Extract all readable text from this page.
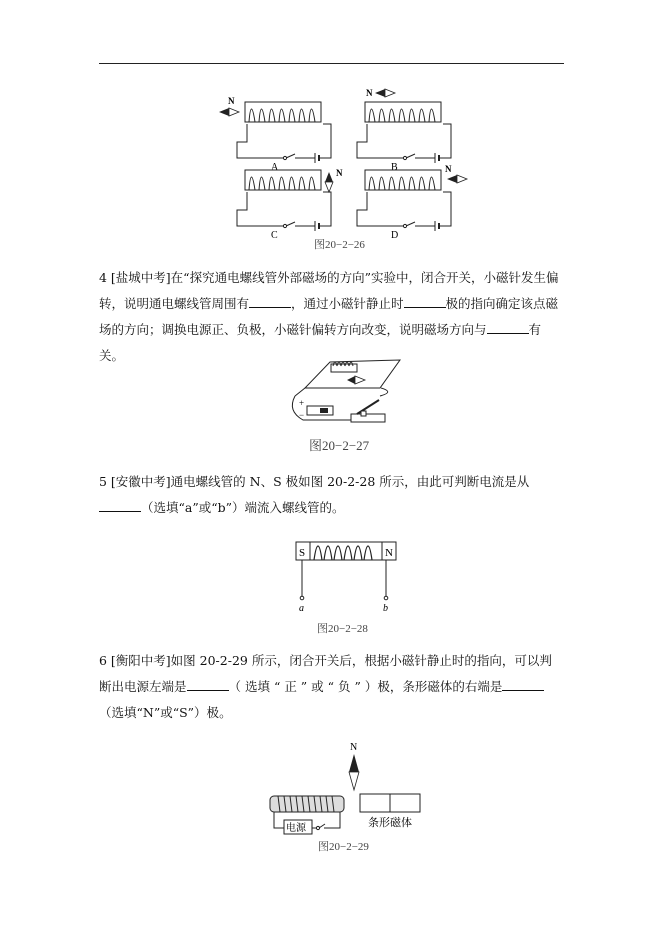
N
A
N
B
N
C
N
D
图20−2−26

4 [盐城中考]在“探究通电螺线管外部磁场的方向”实验中，闭合开关，小磁针发生偏转，说明通电螺线管周围有	，通过小磁针静止时	极的指向确定该点磁场的方向；调换电源正、负极，小磁针偏转方向改变，说明磁场方向与	有关。

+
−
图20−2−27

5 [安徽中考]通电螺线管的 N、S 极如图 20-2-28 所示，由此可判断电流是从（选填“a”或“b”）端流入螺线管的。

S	N
a	b
图20−2−28

6 [衡阳中考]如图 20-2-29 所示，闭合开关后，根据小磁针静止时的指向，可以判断出电源左端是	（ 选填 “ 正 ” 或 “ 负 ” ）极，条形磁体的右端是（选填“N”或“S”）极。

N
电源	条形磁体
图20−2−29
